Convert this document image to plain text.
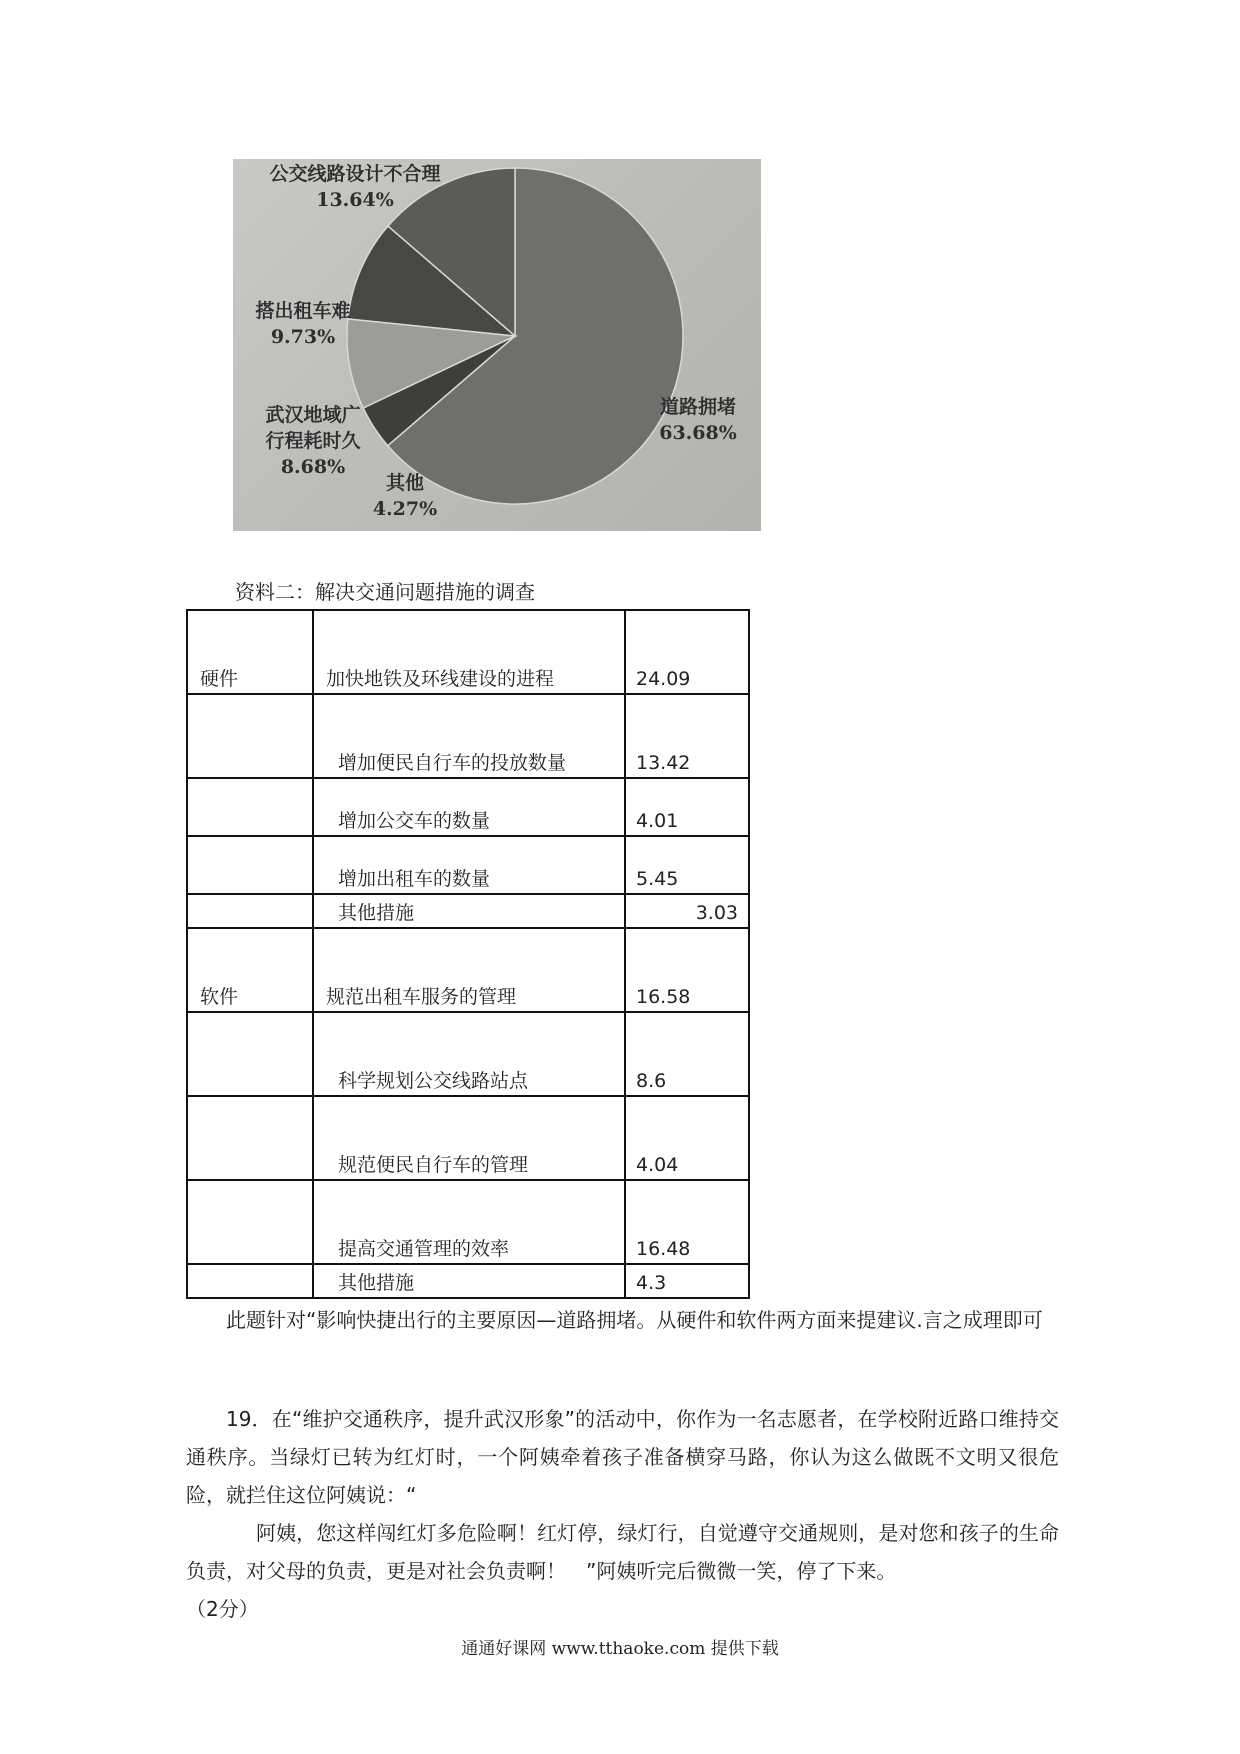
公交线路设计不合理
13.64%
搭出租车难
9.73%
武汉地域广
行程耗时久
8.68%
其他
4.27%
道路拥堵
63.68%
资料二：解决交通问题措施的调查
硬件	加快地铁及环线建设的进程	24.09
	增加便民自行车的投放数量	13.42
	增加公交车的数量	4.01
	增加出租车的数量	5.45
	其他措施	3.03
软件	规范出租车服务的管理	16.58
	科学规划公交线路站点	8.6
	规范便民自行车的管理	4.04
	提高交通管理的效率	16.48
	其他措施	4.3

此题针对“影响快捷出行的主要原因—道路拥堵。从硬件和软件两方面来提建议.言之成理即可

19．在“维护交通秩序，提升武汉形象”的活动中，你作为一名志愿者，在学校附近路口维持交通秩序。当绿灯已转为红灯时，一个阿姨牵着孩子准备横穿马路，你认为这么做既不文明又很危险，就拦住这位阿姨说：“

阿姨，您这样闯红灯多危险啊！红灯停，绿灯行，自觉遵守交通规则，是对您和孩子的生命负责，对父母的负责，更是对社会负责啊！　”阿姨听完后微微一笑，停了下来。

（2分）

通通好课网 www.tthaoke.com 提供下载
